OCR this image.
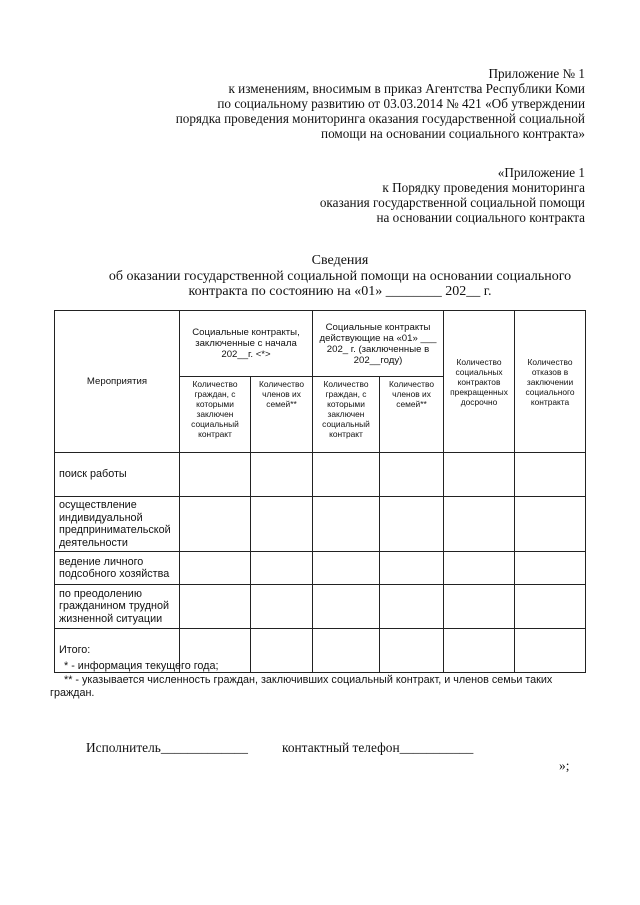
Приложение № 1
к изменениям, вносимым в приказ Агентства Республики Коми
по социальному развитию от 03.03.2014 № 421 «Об утверждении
порядка проведения мониторинга оказания государственной социальной
помощи на основании социального контракта»
«Приложение 1
к Порядку проведения мониторинга
оказания государственной социальной помощи
на основании социального контракта
Сведения
об оказании государственной социальной помощи на основании социального
контракта по состоянию на «01» ________ 202__ г.
Мероприятия	Социальные контракты, заключенные с начала 202__г. <*>		Социальные контракты действующие на «01» ___ 202_ г. (заключенные в 202__году)		Количество социальных контрактов прекращенных досрочно	Количество отказов в заключении социального контракта
	Количество граждан, с которыми заключен социальный контракт	Количество членов их семей**	Количество граждан, с которыми заключен социальный контракт	Количество членов их семей**		
поиск работы						
осуществление индивидуальной предпринимательской деятельности						
ведение личного подсобного хозяйства						
по преодолению гражданином трудной жизненной ситуации						
Итого:						
* - информация текущего года;
** - указывается численность граждан, заключивших социальный контракт, и членов семьи таких граждан.
Исполнитель_____________	контактный телефон___________
»;
